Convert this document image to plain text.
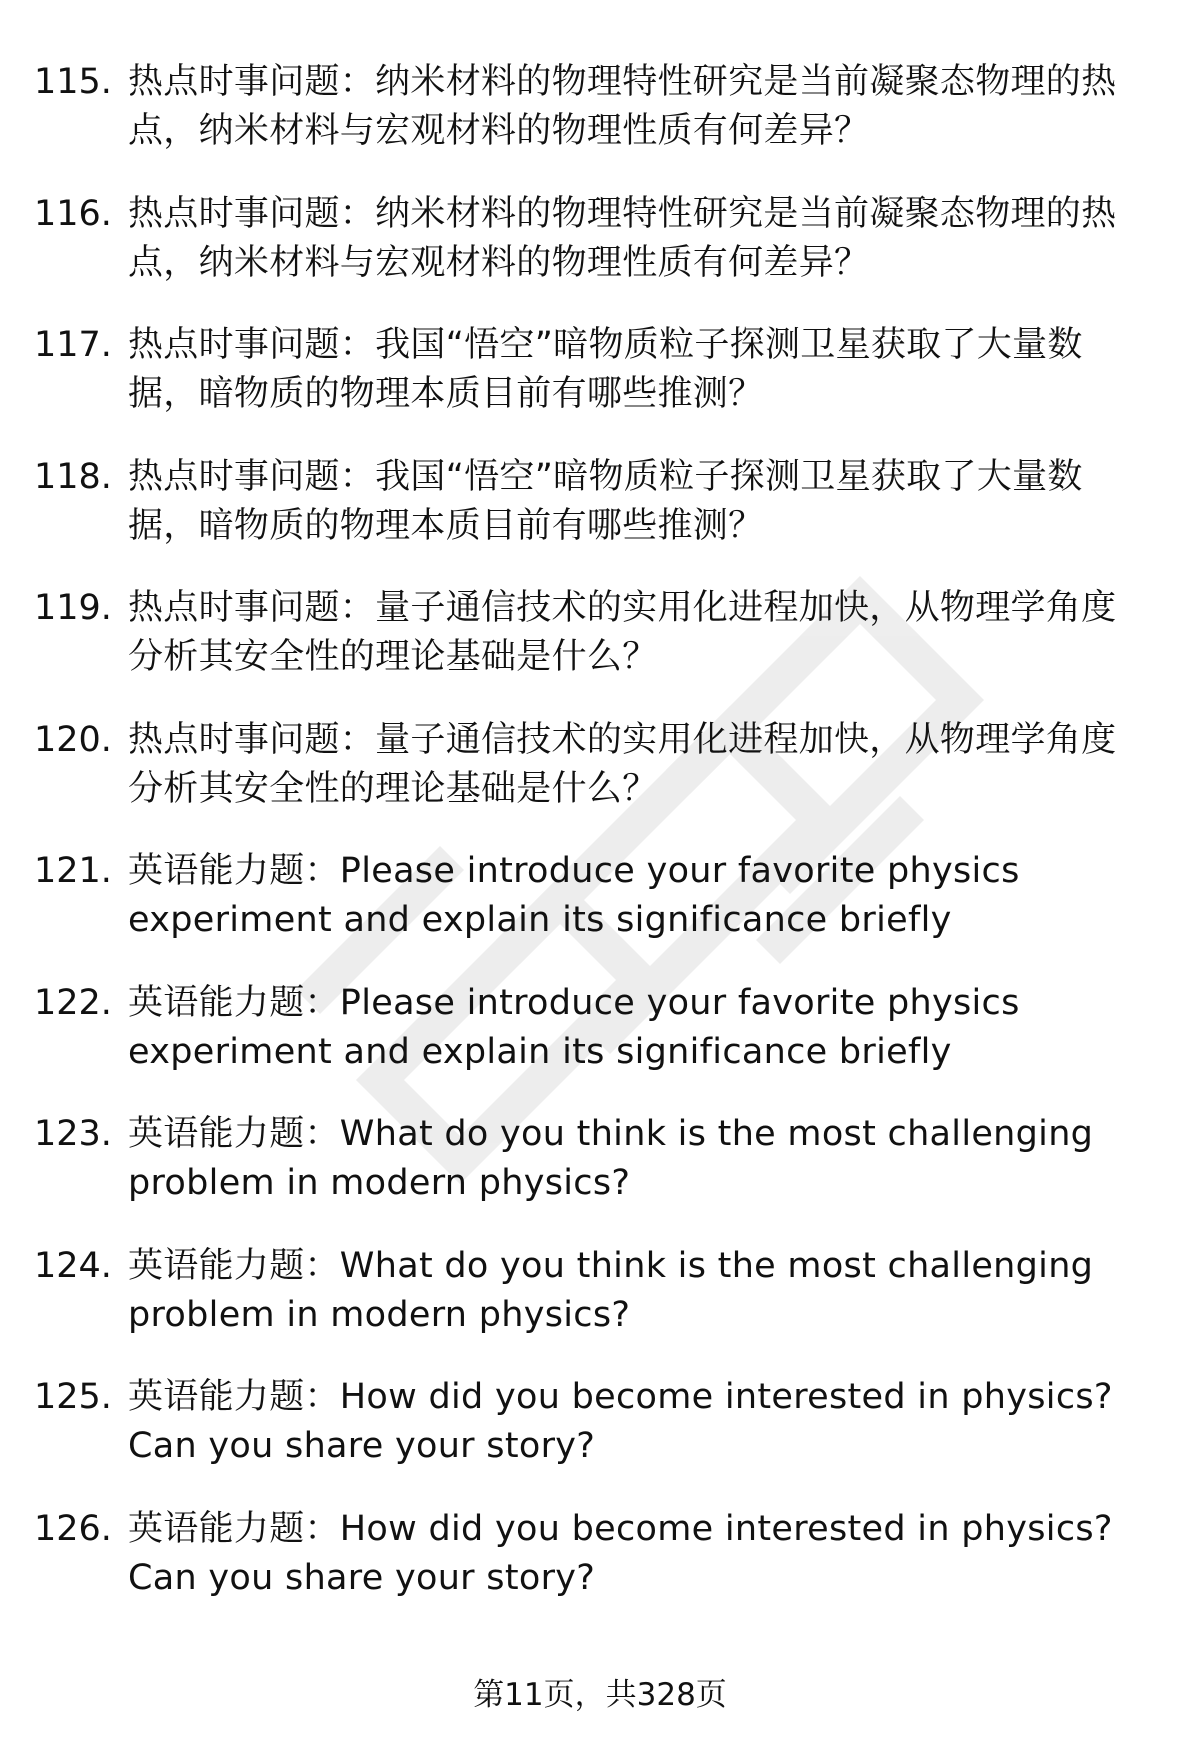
115. 热点时事问题：纳米材料的物理特性研究是当前凝聚态物理的热点，纳米材料与宏观材料的物理性质有何差异？
116. 热点时事问题：纳米材料的物理特性研究是当前凝聚态物理的热点，纳米材料与宏观材料的物理性质有何差异？
117. 热点时事问题：我国“悟空”暗物质粒子探测卫星获取了大量数据，暗物质的物理本质目前有哪些推测？
118. 热点时事问题：我国“悟空”暗物质粒子探测卫星获取了大量数据，暗物质的物理本质目前有哪些推测？
119. 热点时事问题：量子通信技术的实用化进程加快，从物理学角度分析其安全性的理论基础是什么？
120. 热点时事问题：量子通信技术的实用化进程加快，从物理学角度分析其安全性的理论基础是什么？
121. 英语能力题：Please introduce your favorite physics experiment and explain its significance briefly
122. 英语能力题：Please introduce your favorite physics experiment and explain its significance briefly
123. 英语能力题：What do you think is the most challenging problem in modern physics?
124. 英语能力题：What do you think is the most challenging problem in modern physics?
125. 英语能力题：How did you become interested in physics? Can you share your story?
126. 英语能力题：How did you become interested in physics? Can you share your story?
第11页，共328页
